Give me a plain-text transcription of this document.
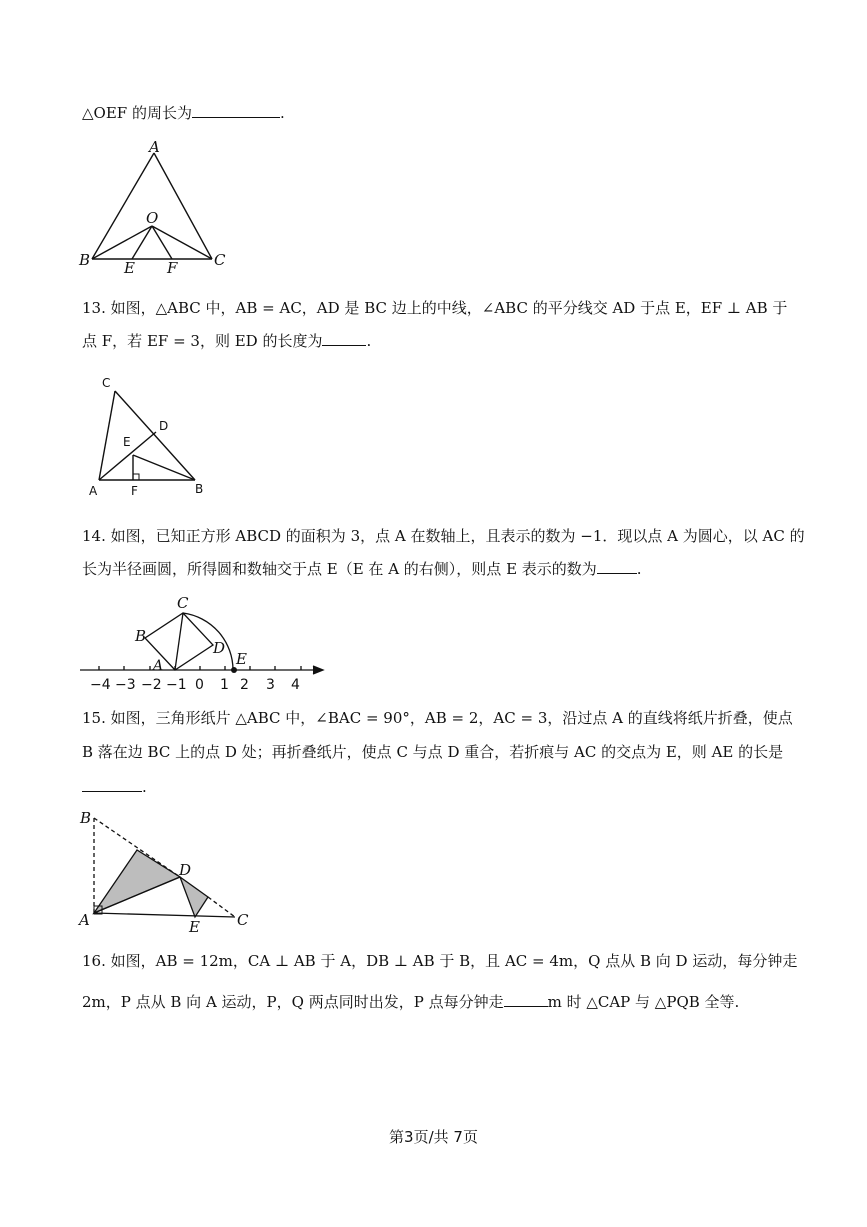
△OEF 的周长为	.
A
O
B E F C
13. 如图，△ABC 中，AB = AC，AD 是 BC 边上的中线，∠ABC 的平分线交 AD 于点 E，EF ⊥ AB 于
点 F，若 EF = 3，则 ED 的长度为	.
C
D
E
A	F	B
14. 如图，已知正方形 ABCD 的面积为 3，点 A 在数轴上，且表示的数为 −1．现以点 A 为圆心，以 AC 的
长为半径画圆，所得圆和数轴交于点 E（E 在 A 的右侧），则点 E 表示的数为	.
C
B
D
A	E
−4 −3 −2 −1 0 1 2 3 4
15. 如图，三角形纸片 △ABC 中，∠BAC = 90°，AB = 2，AC = 3，沿过点 A 的直线将纸片折叠，使点
B 落在边 BC 上的点 D 处；再折叠纸片，使点 C 与点 D 重合，若折痕与 AC 的交点为 E，则 AE 的长是
.
B
D
A	E C
16. 如图，AB = 12m，CA ⊥ AB 于 A，DB ⊥ AB 于 B，且 AC = 4m，Q 点从 B 向 D 运动，每分钟走
2m，P 点从 B 向 A 运动，P，Q 两点同时出发，P 点每分钟走	m 时 △CAP 与 △PQB 全等.
第3页/共 7页
